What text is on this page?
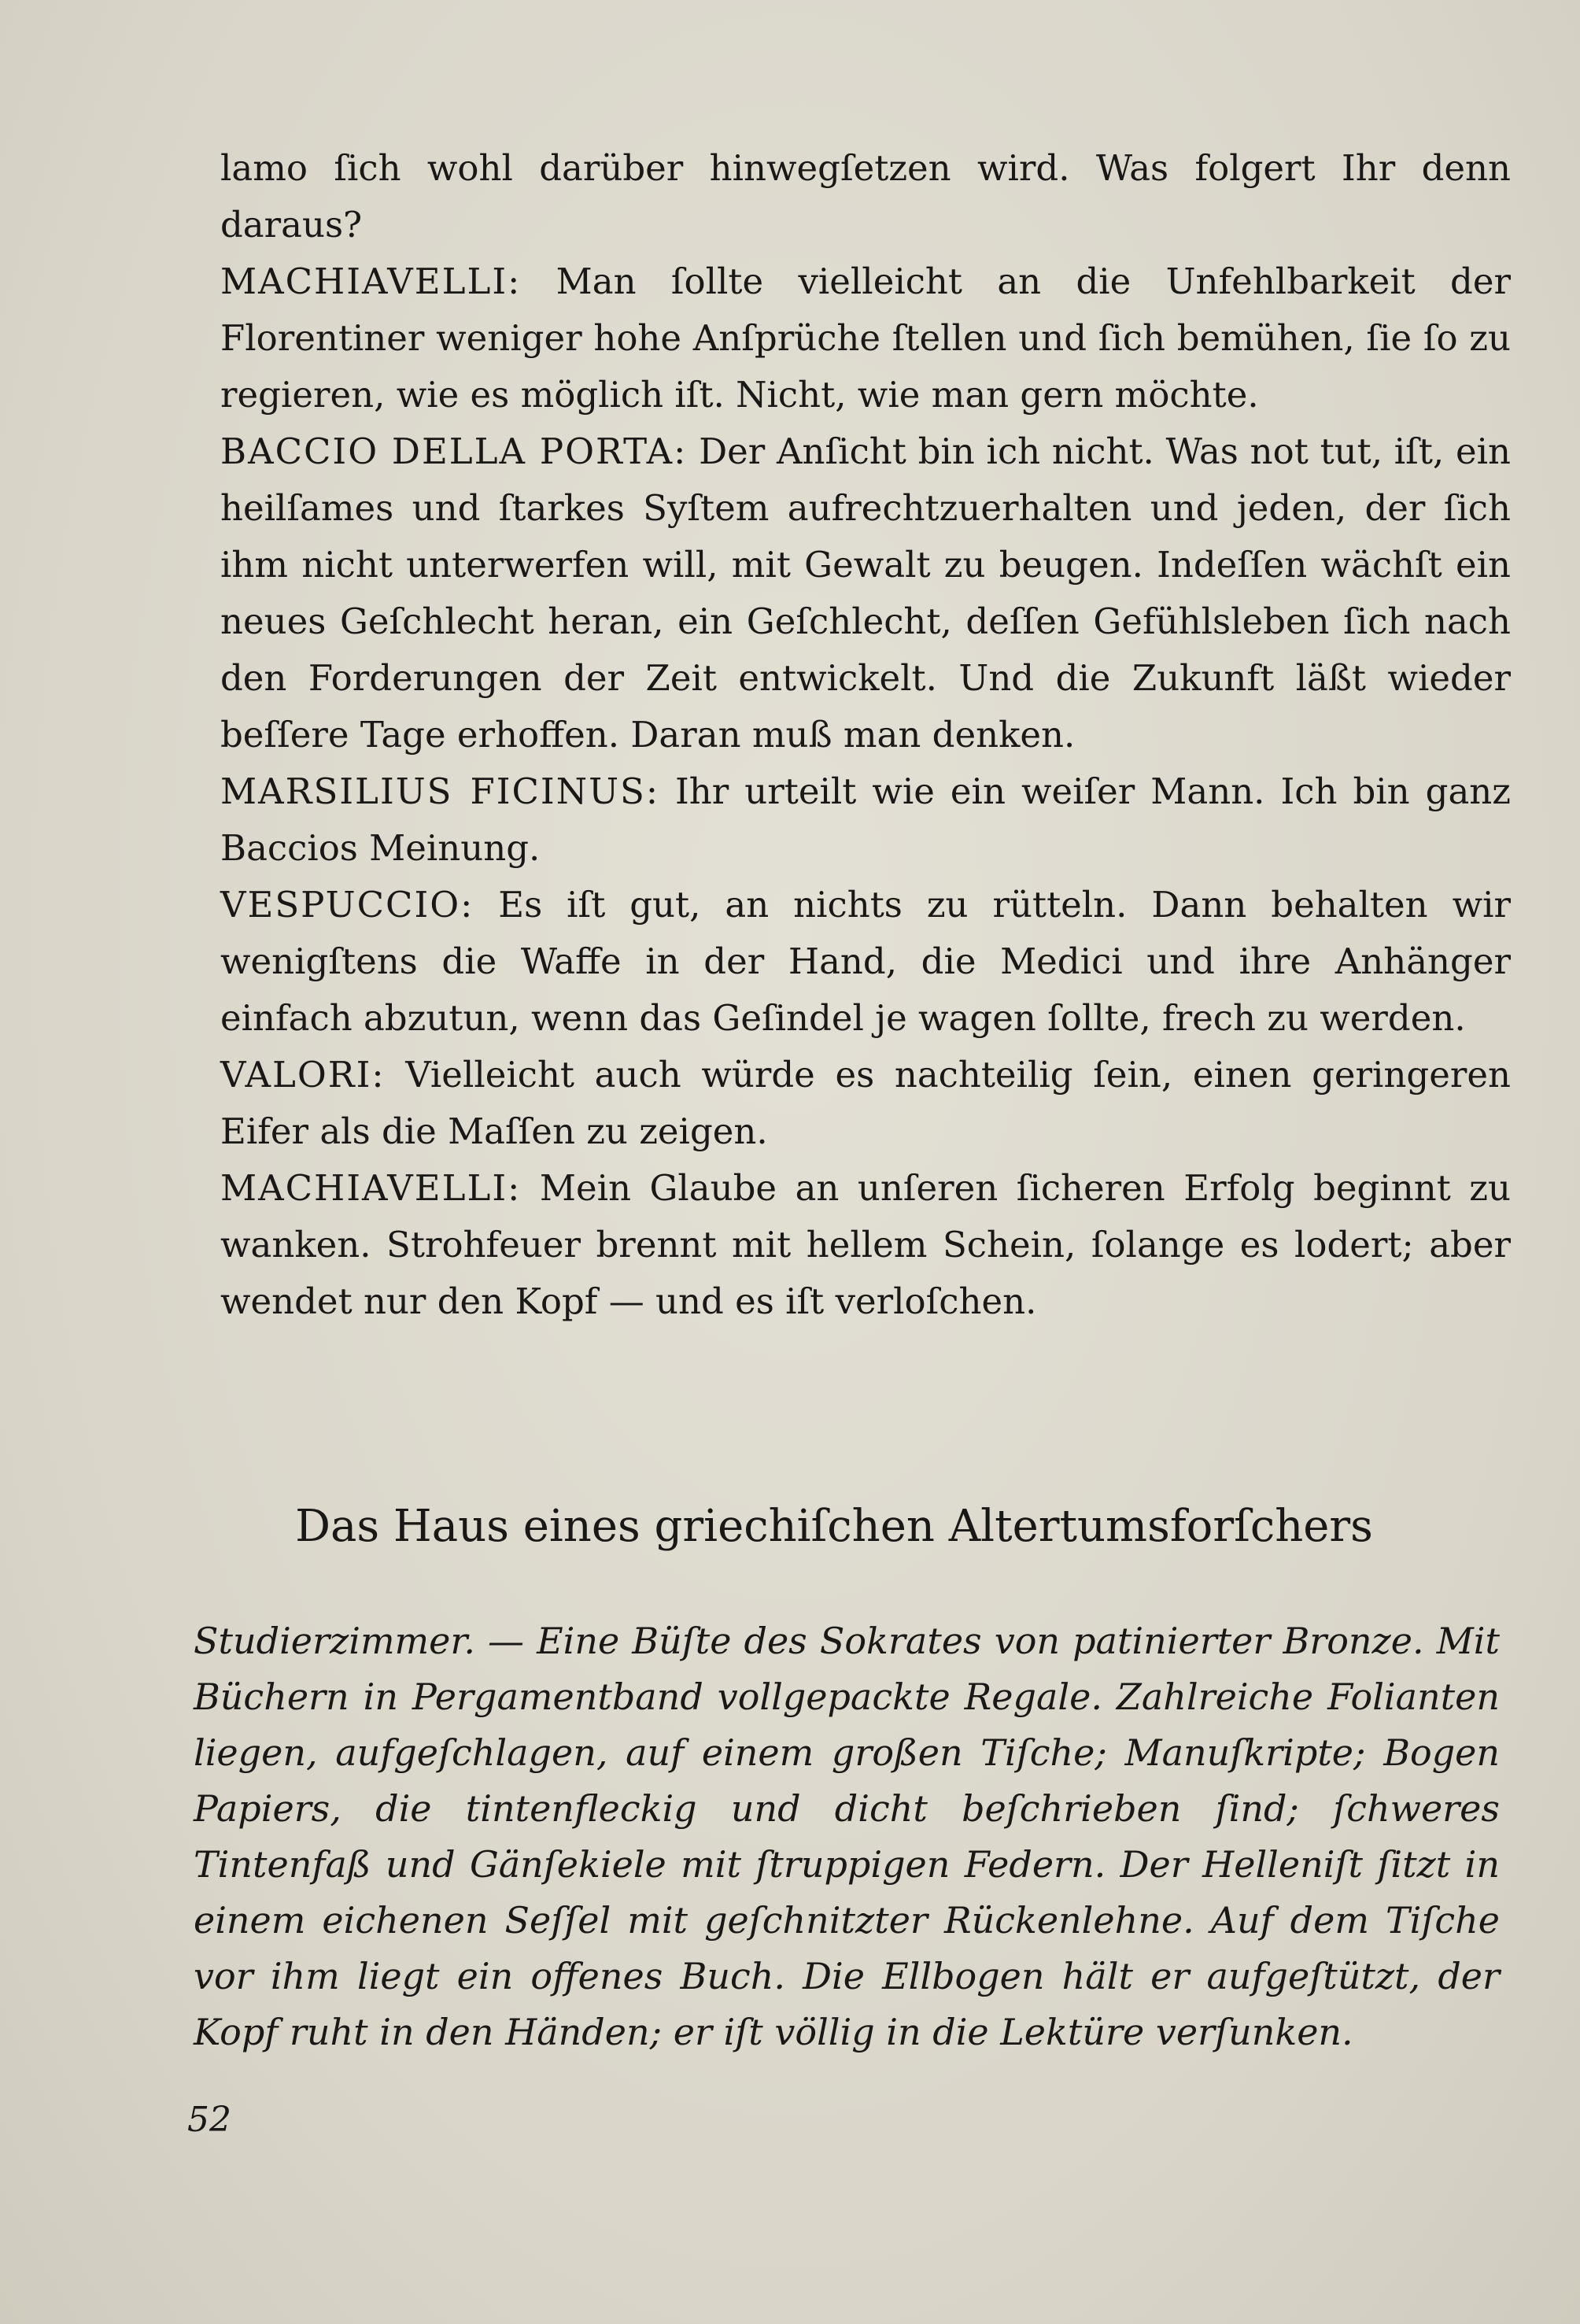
lamo ſich wohl darüber hinwegſetzen wird. Was folgert Ihr denn daraus?

MACHIAVELLI: Man ſollte vielleicht an die Unfehlbarkeit der Florentiner weniger hohe Anſprüche ſtellen und ſich bemühen, ſie ſo zu regieren, wie es möglich iſt. Nicht, wie man gern möchte.

BACCIO DELLA PORTA: Der Anſicht bin ich nicht. Was not tut, iſt, ein heilſames und ſtarkes Syſtem aufrechtzuerhalten und jeden, der ſich ihm nicht unterwerfen will, mit Gewalt zu beugen. Indeſſen wächſt ein neues Geſchlecht heran, ein Geſchlecht, deſſen Gefühlsleben ſich nach den Forderungen der Zeit entwickelt. Und die Zukunft läßt wieder beſſere Tage erhoffen. Daran muß man denken.

MARSILIUS FICINUS: Ihr urteilt wie ein weiſer Mann. Ich bin ganz Baccios Meinung.

VESPUCCIO: Es iſt gut, an nichts zu rütteln. Dann behalten wir wenigſtens die Waffe in der Hand, die Medici und ihre Anhänger einfach abzutun, wenn das Geſindel je wagen ſollte, frech zu werden.

VALORI: Vielleicht auch würde es nachteilig ſein, einen geringeren Eifer als die Maſſen zu zeigen.

MACHIAVELLI: Mein Glaube an unſeren ſicheren Erfolg beginnt zu wanken. Strohfeuer brennt mit hellem Schein, ſolange es lodert; aber wendet nur den Kopf — und es iſt verloſchen.

Das Haus eines griechiſchen Altertumsforſchers

Studierzimmer. — Eine Büſte des Sokrates von patinierter Bronze. Mit Büchern in Pergamentband vollgepackte Regale. Zahlreiche Folianten liegen, aufgeſchlagen, auf einem großen Tiſche; Manuſkripte; Bogen Papiers, die tintenfleckig und dicht beſchrieben ſind; ſchweres Tintenfaß und Gänſekiele mit ſtruppigen Federn. Der Helleniſt ſitzt in einem eichenen Seſſel mit geſchnitzter Rückenlehne. Auf dem Tiſche vor ihm liegt ein offenes Buch. Die Ellbogen hält er aufgeſtützt, der Kopf ruht in den Händen; er iſt völlig in die Lektüre verſunken.

52
